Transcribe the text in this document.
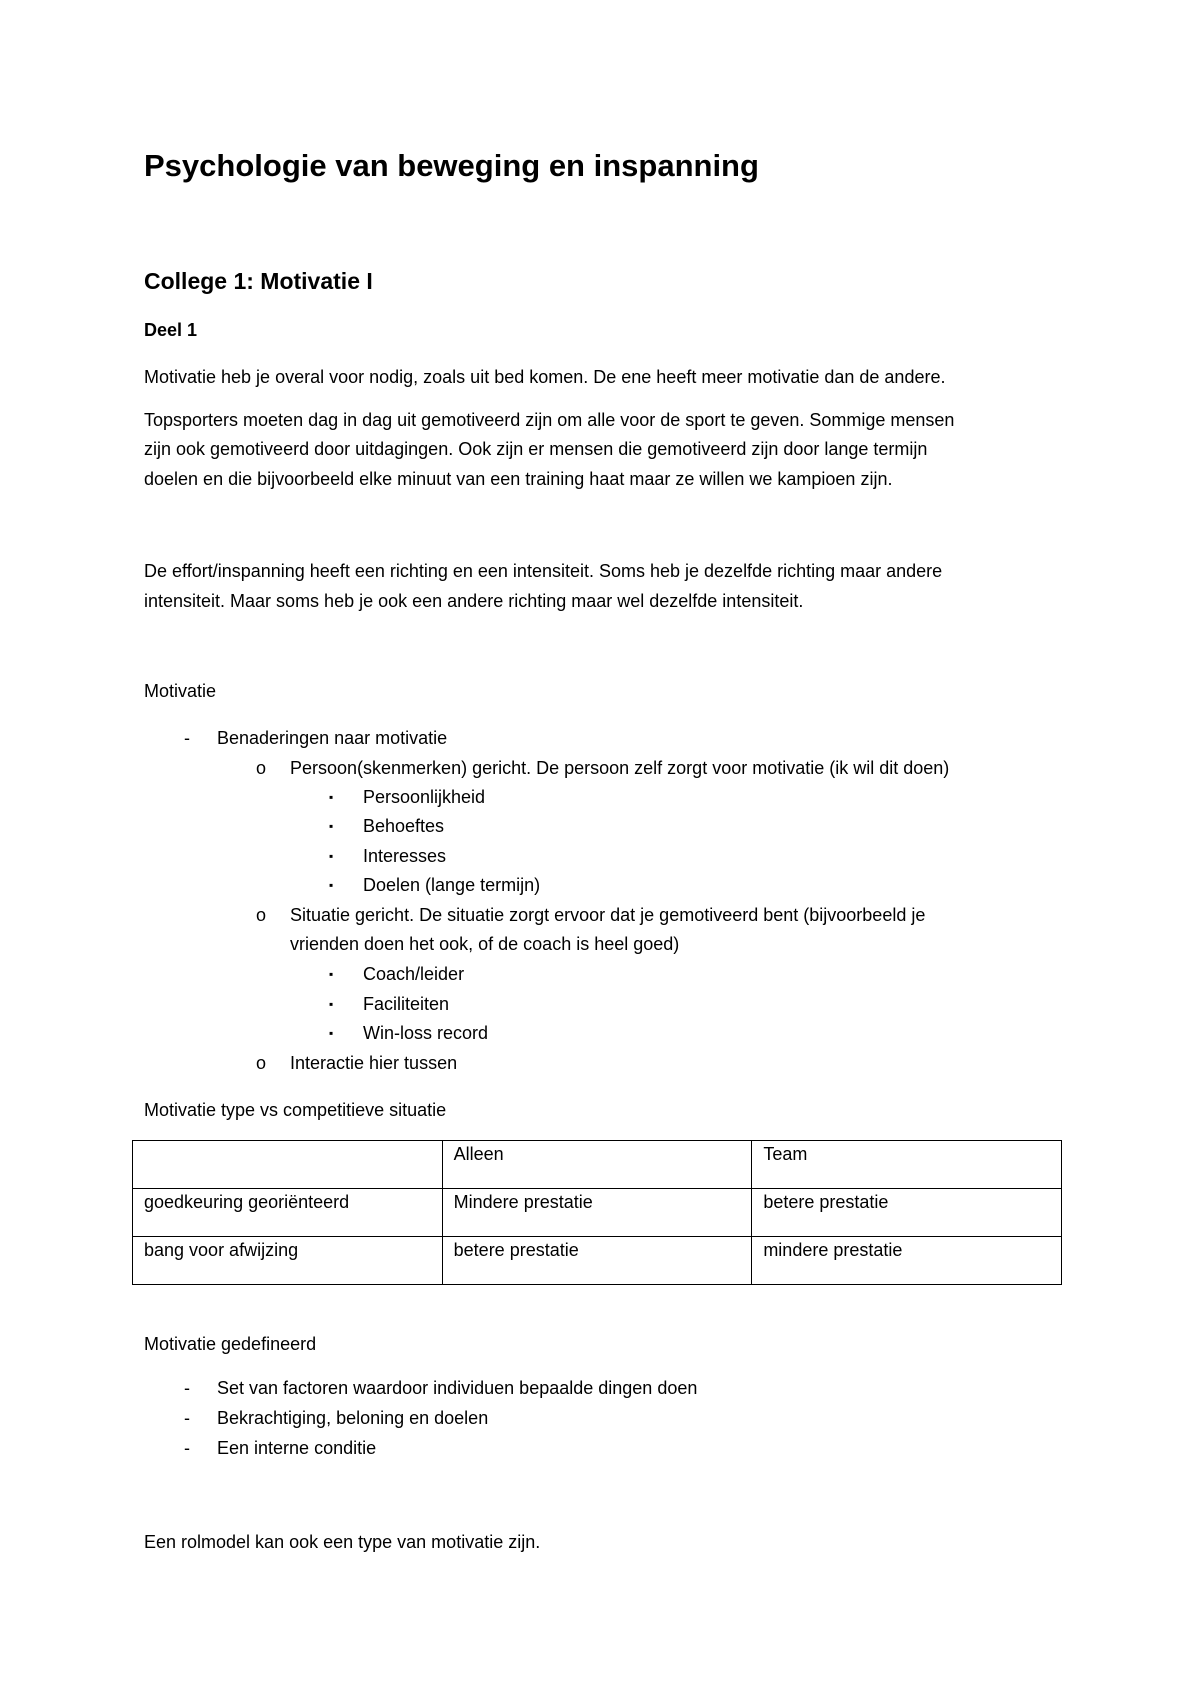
Psychologie van beweging en inspanning
College 1: Motivatie I
Deel 1
Motivatie heb je overal voor nodig, zoals uit bed komen. De ene heeft meer motivatie dan de andere.
Topsporters moeten dag in dag uit gemotiveerd zijn om alle voor de sport te geven. Sommige mensen
zijn ook gemotiveerd door uitdagingen. Ook zijn er mensen die gemotiveerd zijn door lange termijn
doelen en die bijvoorbeeld elke minuut van een training haat maar ze willen we kampioen zijn.
De effort/inspanning heeft een richting en een intensiteit. Soms heb je dezelfde richting maar andere
intensiteit. Maar soms heb je ook een andere richting maar wel dezelfde intensiteit.
Motivatie
- Benaderingen naar motivatie
o Persoon(skenmerken) gericht. De persoon zelf zorgt voor motivatie (ik wil dit doen)
▪ Persoonlijkheid
▪ Behoeftes
▪ Interesses
▪ Doelen (lange termijn)
o Situatie gericht. De situatie zorgt ervoor dat je gemotiveerd bent (bijvoorbeeld je
vrienden doen het ook, of de coach is heel goed)
▪ Coach/leider
▪ Faciliteiten
▪ Win-loss record
o Interactie hier tussen
Motivatie type vs competitieve situatie
	Alleen	Team
goedkeuring georiënteerd	Mindere prestatie	betere prestatie
bang voor afwijzing	betere prestatie	mindere prestatie
Motivatie gedefineerd
- Set van factoren waardoor individuen bepaalde dingen doen
- Bekrachtiging, beloning en doelen
- Een interne conditie
Een rolmodel kan ook een type van motivatie zijn.
